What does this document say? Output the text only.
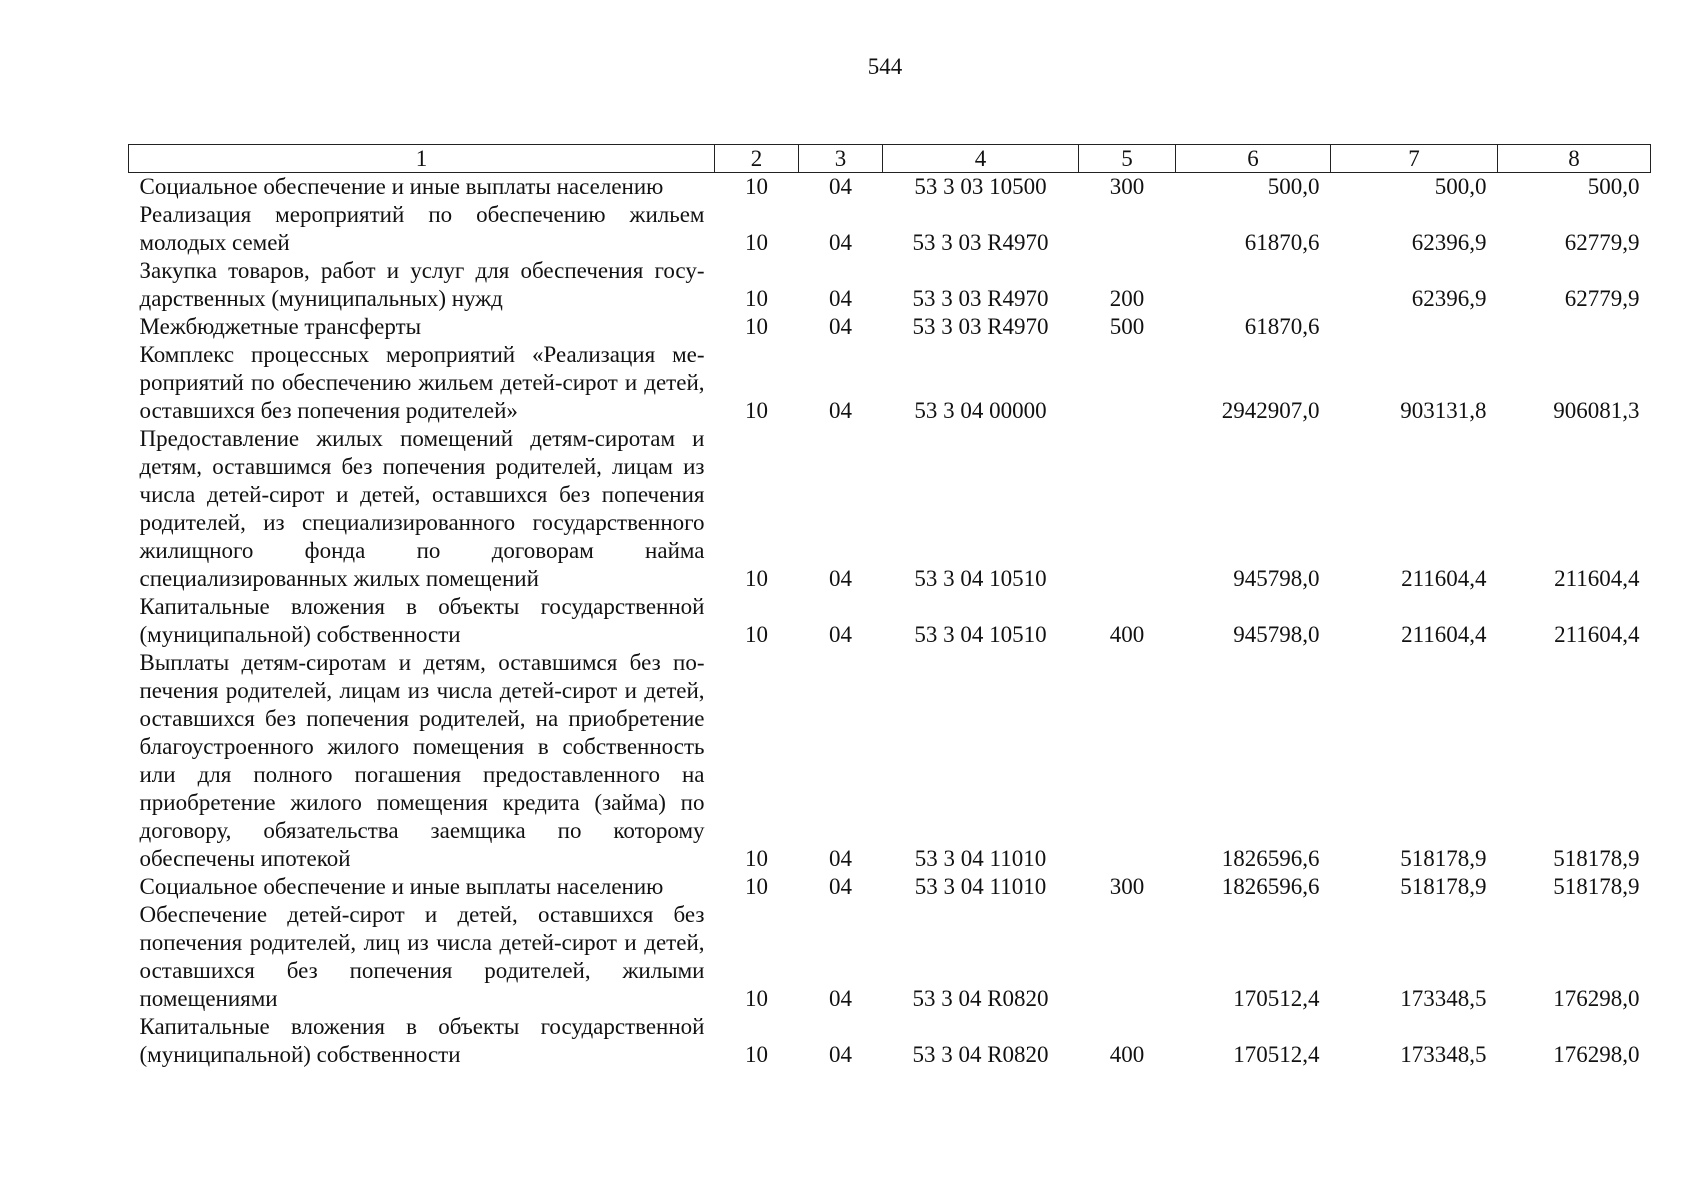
544
1	2	3	4	5	6	7	8
Социальное обеспечение и иные выплаты населению	10	04	53 3 03 10500	300	500,0	500,0	500,0
Реализация мероприятий по обеспечению жильем молодых семей	10	04	53 3 03 R4970		61870,6	62396,9	62779,9
Закупка товаров, работ и услуг для обеспечения государственных (муниципальных) нужд	10	04	53 3 03 R4970	200		62396,9	62779,9
Межбюджетные трансферты	10	04	53 3 03 R4970	500	61870,6		
Комплекс процессных мероприятий «Реализация мероприятий по обеспечению жильем детей-сирот и детей, оставшихся без попечения родителей»	10	04	53 3 04 00000		2942907,0	903131,8	906081,3
Предоставление жилых помещений детям-сиротам и детям, оставшимся без попечения родителей, лицам из числа детей-сирот и детей, оставшихся без попечения родителей, из специализированного государственного жилищного фонда по договорам найма специализированных жилых помещений	10	04	53 3 04 10510		945798,0	211604,4	211604,4
Капитальные вложения в объекты государственной (муниципальной) собственности	10	04	53 3 04 10510	400	945798,0	211604,4	211604,4
Выплаты детям-сиротам и детям, оставшимся без попечения родителей, лицам из числа детей-сирот и детей, оставшихся без попечения родителей, на приобретение благоустроенного жилого помещения в собственность или для полного погашения предоставленного на приобретение жилого помещения кредита (займа) по договору, обязательства заемщика по которому обеспечены ипотекой	10	04	53 3 04 11010		1826596,6	518178,9	518178,9
Социальное обеспечение и иные выплаты населению	10	04	53 3 04 11010	300	1826596,6	518178,9	518178,9
Обеспечение детей-сирот и детей, оставшихся без попечения родителей, лиц из числа детей-сирот и детей, оставшихся без попечения родителей, жилыми помещениями	10	04	53 3 04 R0820		170512,4	173348,5	176298,0
Капитальные вложения в объекты государственной (муниципальной) собственности	10	04	53 3 04 R0820	400	170512,4	173348,5	176298,0
